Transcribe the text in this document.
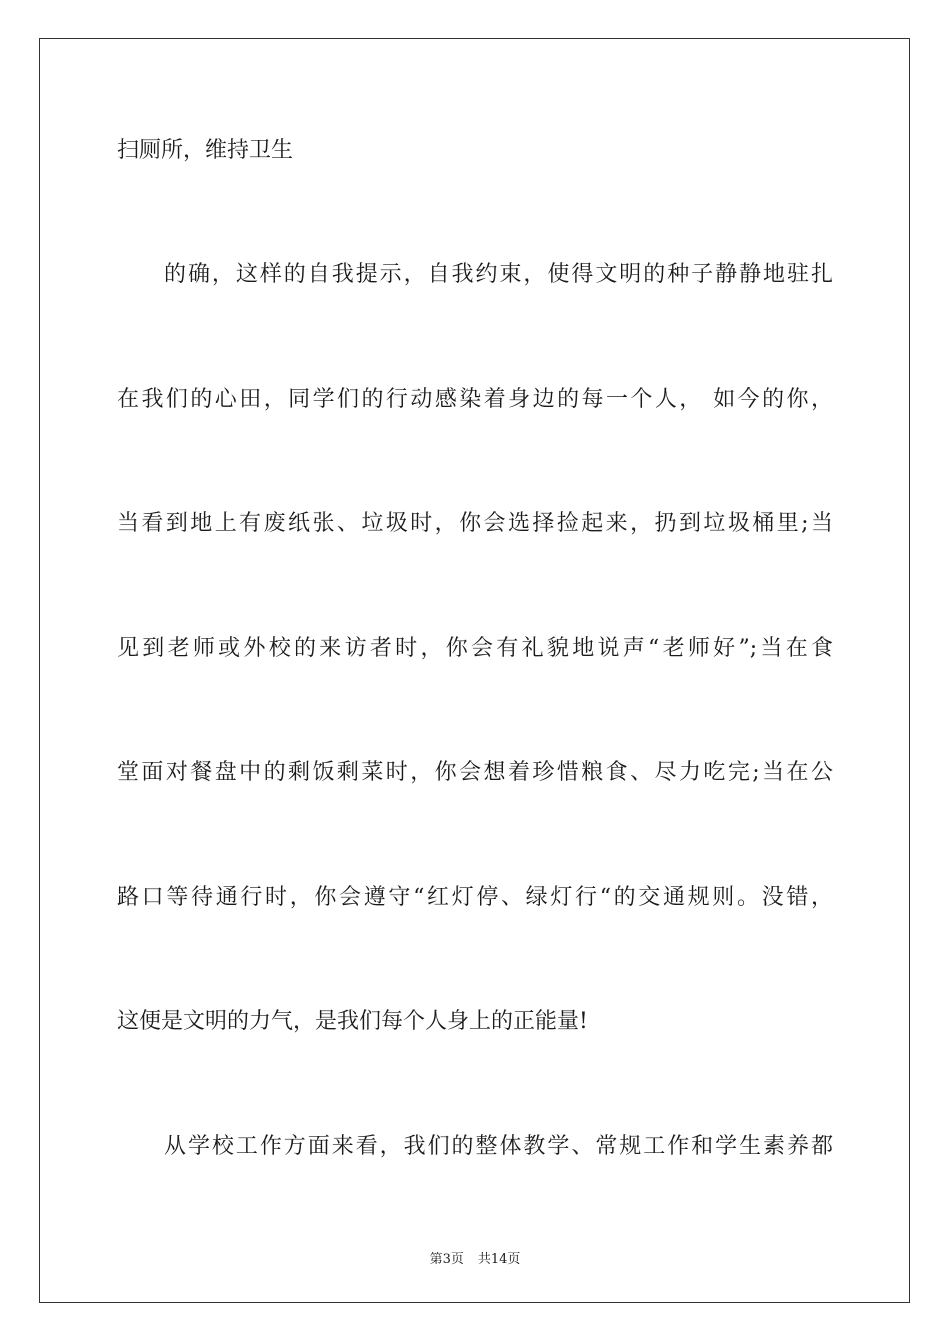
扫厕所，维持卫生
的确，这样的自我提示，自我约束，使得文明的种子静静地驻扎
在我们的心田，同学们的行动感染着身边的每一个人， 如今的你，
当看到地上有废纸张、垃圾时，你会选择捡起来，扔到垃圾桶里;当
见到老师或外校的来访者时，你会有礼貌地说声“老师好”;当在食
堂面对餐盘中的剩饭剩菜时，你会想着珍惜粮食、尽力吃完;当在公
路口等待通行时，你会遵守“红灯停、绿灯行“的交通规则。没错，
这便是文明的力气，是我们每个人身上的正能量!
从学校工作方面来看，我们的整体教学、常规工作和学生素养都
第3页 共14页
